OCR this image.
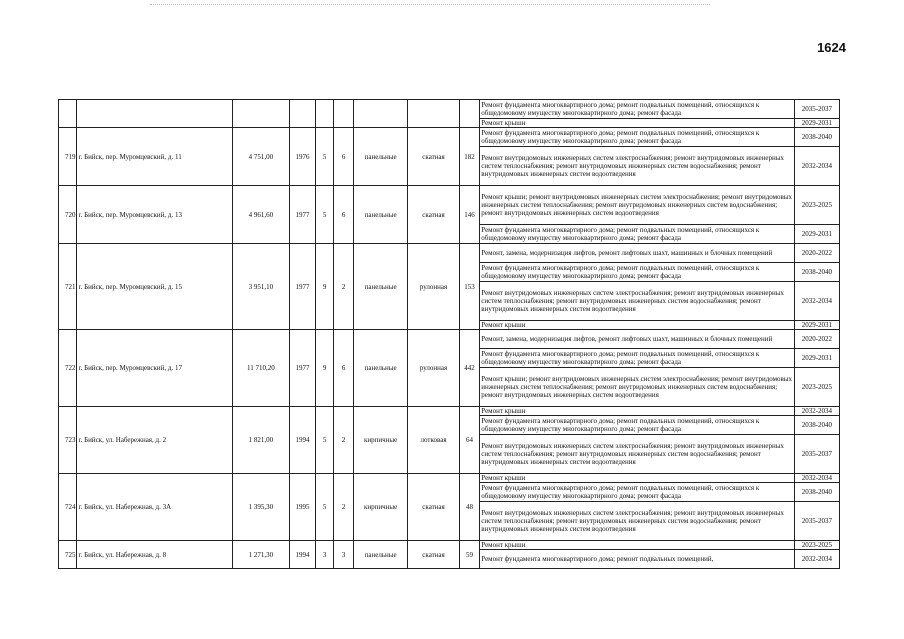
1624
									Ремонт фундамента многоквартирного дома; ремонт подвальных помещений, относящихся к общедомовому имуществу многоквартирного дома; ремонт фасада	2035-2037
									Ремонт крыши	2029-2031
719	г. Бийск, пер. Муромцевский, д. 11	4 751,00	1976	5	6	панельные	скатная	182	Ремонт фундамента многоквартирного дома; ремонт подвальных помещений, относящихся к общедомовому имуществу многоквартирного дома; ремонт фасада	2038-2040
									Ремонт внутридомовых инженерных систем электроснабжения; ремонт внутридомовых инженерных систем теплоснабжения; ремонт внутридомовых инженерных систем водоснабжения; ремонт внутридомовых инженерных систем водоотведения	2032-2034
720	г. Бийск, пер. Муромцевский, д. 13	4 961,60	1977	5	6	панельные	скатная	146	Ремонт крыши; ремонт внутридомовых инженерных систем электроснабжения; ремонт внутридомовых инженерных систем теплоснабжения; ремонт внутридомовых инженерных систем водоснабжения; ремонт внутридомовых инженерных систем водоотведения	2023-2025
									Ремонт фундамента многоквартирного дома; ремонт подвальных помещений, относящихся к общедомовому имуществу многоквартирного дома; ремонт фасада	2029-2031
721	г. Бийск, пер. Муромцевский, д. 15	3 951,10	1977	9	2	панельные	рулонная	153	Ремонт, замена, модернизация лифтов, ремонт лифтовых шахт, машинных и блочных помещений	2020-2022
									Ремонт фундамента многоквартирного дома; ремонт подвальных помещений, относящихся к общедомовому имуществу многоквартирного дома; ремонт фасада	2038-2040
									Ремонт внутридомовых инженерных систем электроснабжения; ремонт внутридомовых инженерных систем теплоснабжения; ремонт внутридомовых инженерных систем водоснабжения; ремонт внутридомовых инженерных систем водоотведения	2032-2034
									Ремонт крыши	2029-2031
722	г. Бийск, пер. Муромцевский, д. 17	11 710,20	1977	9	6	панельные	рулонная	442	Ремонт, замена, модернизация лифтов, ремонт лифтовых шахт, машинных и блочных помещений	2020-2022
									Ремонт фундамента многоквартирного дома; ремонт подвальных помещений, относящихся к общедомовому имуществу многоквартирного дома; ремонт фасада	2029-2031
									Ремонт крыши; ремонт внутридомовых инженерных систем электроснабжения; ремонт внутридомовых инженерных систем теплоснабжения; ремонт внутридомовых инженерных систем водоснабжения; ремонт внутридомовых инженерных систем водоотведения	2023-2025
723	г. Бийск, ул. Набережная, д. 2	1 821,00	1994	5	2	кирпичные	лотковая	64	Ремонт крыши	2032-2034
									Ремонт фундамента многоквартирного дома; ремонт подвальных помещений, относящихся к общедомовому имуществу многоквартирного дома; ремонт фасада	2038-2040
									Ремонт внутридомовых инженерных систем электроснабжения; ремонт внутридомовых инженерных систем теплоснабжения; ремонт внутридомовых инженерных систем водоснабжения; ремонт внутридомовых инженерных систем водоотведения	2035-2037
724	г. Бийск, ул. Набережная, д. 3А	1 395,30	1995	5	2	кирпичные	скатная	48	Ремонт крыши	2032-2034
									Ремонт фундамента многоквартирного дома; ремонт подвальных помещений, относящихся к общедомовому имуществу многоквартирного дома; ремонт фасада	2038-2040
									Ремонт внутридомовых инженерных систем электроснабжения; ремонт внутридомовых инженерных систем теплоснабжения; ремонт внутридомовых инженерных систем водоснабжения; ремонт внутридомовых инженерных систем водоотведения	2035-2037
725	г. Бийск, ул. Набережная, д. 8	1 271,30	1994	3	3	панельные	скатная	59	Ремонт крыши	2023-2025
									Ремонт фундамента многоквартирного дома; ремонт подвальных помещений,	2032-2034
